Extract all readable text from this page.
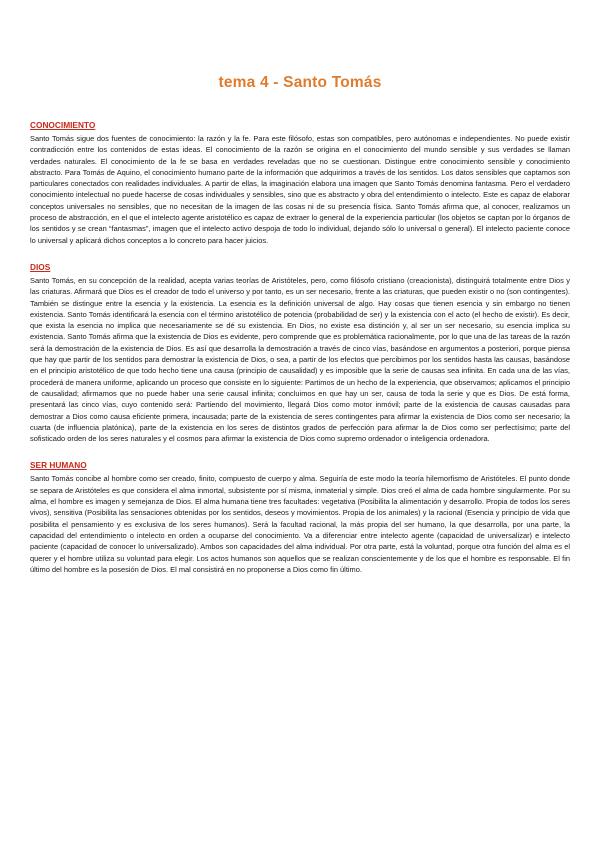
tema 4 - Santo Tomás
CONOCIMIENTO

Santo Tomás sigue dos fuentes de conocimiento: la razón y la fe. Para este filósofo, estas son compatibles, pero autónomas e independientes. No puede existir contradicción entre los contenidos de estas ideas. El conocimiento de la razón se origina en el conocimiento del mundo sensible y sus verdades se llaman verdades naturales. El conocimiento de la fe se basa en verdades reveladas que no se cuestionan. Distingue entre conocimiento sensible y conocimiento abstracto. Para Tomás de Aquino, el conocimiento humano parte de la información que adquirimos a través de los sentidos. Los datos sensibles que captamos son particulares conectados con realidades individuales. A partir de ellas, la imaginación elabora una imagen que Santo Tomás denomina fantasma. Pero el verdadero conocimiento intelectual no puede hacerse de cosas individuales y sensibles, sino que es abstracto y obra del entendimiento o intelecto. Este es capaz de elaborar conceptos universales no sensibles, que no necesitan de la imagen de las cosas ni de su presencia física. Santo Tomás afirma que, al conocer, realizamos un proceso de abstracción, en el que el intelecto agente aristotélico es capaz de extraer lo general de la experiencia particular (los objetos se captan por lo órganos de los sentidos y se crean “fantasmas”, imagen que el intelecto activo despoja de todo lo individual, dejando sólo lo universal o general). El intelecto paciente conoce lo universal y aplicará dichos conceptos a lo concreto para hacer juicios.

DIOS

Santo Tomás, en su concepción de la realidad, acepta varias teorías de Aristóteles, pero, como filósofo cristiano (creacionista), distinguirá totalmente entre Dios y las criaturas. Afirmará que Dios es el creador de todo el universo y por tanto, es un ser necesario, frente a las criaturas, que pueden existir o no (son contingentes). También se distingue entre la esencia y la existencia. La esencia es la definición universal de algo. Hay cosas que tienen esencia y sin embargo no tienen existencia. Santo Tomás identificará la esencia con el término aristotélico de potencia (probabilidad de ser) y la existencia con el acto (el hecho de existir). Es decir, que exista la esencia no implica que necesariamente se dé su existencia. En Dios, no existe esa distinción y, al ser un ser necesario, su esencia implica su existencia. Santo Tomás afirma que la existencia de Dios es evidente, pero comprende que es problemática racionalmente, por lo que una de las tareas de la razón será la demostración de la existencia de Dios. Es así que desarrolla la demostración a través de cinco vías, basándose en argumentos a posteriori, porque piensa que hay que partir de los sentidos para demostrar la existencia de Dios, o sea, a partir de los efectos que percibimos por los sentidos hasta las causas, basándose en el principio aristotélico de que todo hecho tiene una causa (principio de causalidad) y es imposible que la serie de causas sea infinita. En cada una de las vías, procederá de manera uniforme, aplicando un proceso que consiste en lo siguiente: Partimos de un hecho de la experiencia, que observamos; aplicamos el principio de causalidad; afirmamos que no puede haber una serie causal infinita; concluimos en que hay un ser, causa de toda la serie y que es Dios. De está forma, presentará las cinco vías, cuyo contenido será: Partiendo del movimiento, llegará Dios como motor inmóvil; parte de la existencia de causas causadas para demostrar a Dios como causa eficiente primera, incausada; parte de la existencia de seres contingentes para afirmar la existencia de Dios como ser necesario; la cuarta (de influencia platónica), parte de la existencia en los seres de distintos grados de perfección para afirmar la de Dios como ser perfectísimo; parte del sofisticado orden de los seres naturales y el cosmos para afirmar la existencia de Dios como supremo ordenador o inteligencia ordenadora.

SER HUMANO

Santo Tomás concibe al hombre como ser creado, finito, compuesto de cuerpo y alma. Seguiría de este modo la teoría hilemorfismo de Aristóteles. El punto donde se separa de Aristóteles es que considera el alma inmortal, subsistente por sí misma, inmaterial y simple. Dios creó el alma de cada hombre singularmente. Por su alma, el hombre es imagen y semejanza de Dios. El alma humana tiene tres facultades: vegetativa (Posibilita la alimentación y desarrollo. Propia de todos los seres vivos), sensitiva (Posibilita las sensaciones obtenidas por los sentidos, deseos y movimientos. Propia de los animales) y la racional (Esencia y principio de vida que posibilita el pensamiento y es exclusiva de los seres humanos). Será la facultad racional, la más propia del ser humano, la que desarrolla, por una parte, la capacidad del entendimiento o intelecto en orden a ocuparse del conocimiento. Va a diferenciar entre intelecto agente (capacidad de universalizar) e intelecto paciente (capacidad de conocer lo universalizado). Ambos son capacidades del alma individual. Por otra parte, está la voluntad, porque otra función del alma es el querer y el hombre utiliza su voluntad para elegir. Los actos humanos son aquellos que se realizan conscientemente y de los que el hombre es responsable. El fin último del hombre es la posesión de Dios. El mal consistirá en no proponerse a Dios como fin último.
